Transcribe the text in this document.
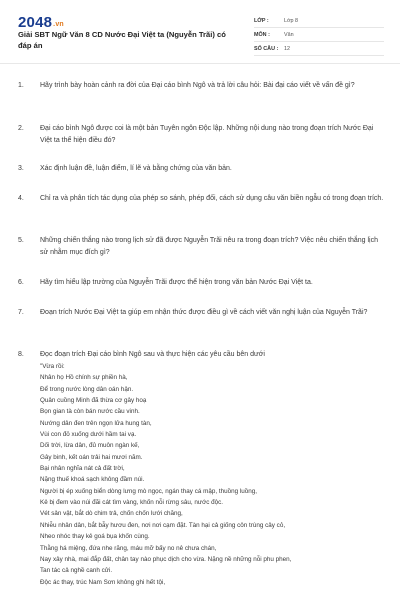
2048.vn
Giải SBT Ngữ Văn 8 CD Nước Đại Việt ta (Nguyễn Trãi) có đáp án
LỚP :	Lớp 8
MÔN :	Văn
SỐ CÂU :	12
1.	Hãy trình bày hoàn cảnh ra đời của Đại cáo bình Ngô và trả lời câu hỏi: Bài đại cáo viết về vấn đề gì?
2.	Đại cáo bình Ngô được coi là một bản Tuyên ngôn Độc lập. Những nội dung nào trong đoạn trích Nước Đại Việt ta thể hiện điều đó?
3.	Xác định luận đề, luận điểm, lí lẽ và bằng chứng của văn bản.
4.	Chỉ ra và phân tích tác dụng của phép so sánh, phép đối, cách sử dụng câu văn biền ngẫu có trong đoạn trích.
5.	Những chiến thắng nào trong lịch sử đã được Nguyễn Trãi nêu ra trong đoạn trích? Việc nêu chiến thắng lịch sử nhằm mục đích gì?
6.	Hãy tìm hiểu lập trường của Nguyễn Trãi được thể hiện trong văn bản Nước Đại Việt ta.
7.	Đoạn trích Nước Đại Việt ta giúp em nhận thức được điều gì về cách viết văn nghị luận của Nguyễn Trãi?
8.	Đọc đoạn trích Đại cáo bình Ngô sau và thực hiện các yêu cầu bên dưới
"Vừa rồi:
Nhân họ Hồ chính sự phiền hà,
Để trong nước lòng dân oán hận.
Quân cuồng Minh đã thừa cơ gây hoạ
Bọn gian tà còn bán nước cầu vinh.
Nướng dân đen trên ngọn lửa hung tàn,
Vùi con đỏ xuống dưới hầm tai vạ.
Dối trời, lừa dân, đủ muôn ngàn kế,
Gây binh, kết oán trải hai mươi năm.
Bại nhân nghĩa nát cả đất trời,
Nặng thuế khoá sạch không đầm núi.
Người bị ép xuống biển dòng lưng mò ngọc, ngán thay cá mập, thuồng luồng,
Kẻ bị đem vào núi đãi cát tìm vàng, khốn nỗi rừng sâu, nước độc.
Vét sản vật, bắt dò chim trả, chốn chốn lưới chăng,
Nhiễu nhân dân, bắt bẫy hươu đen, nơi nơi cạm đặt. Tàn hại cả giống côn trùng cây cỏ,
Nheo nhóc thay kẻ goá bụa khốn cùng.
Thằng há miệng, đứa nhe răng, máu mỡ bấy no nê chưa chán,
Nay xây nhà, mai đắp đất, chân tay nào phục dịch cho vừa. Nặng nề những nỗi phu phen,
Tan tác cả nghề canh cửi.
Độc ác thay, trúc Nam Sơn không ghi hết tội,
